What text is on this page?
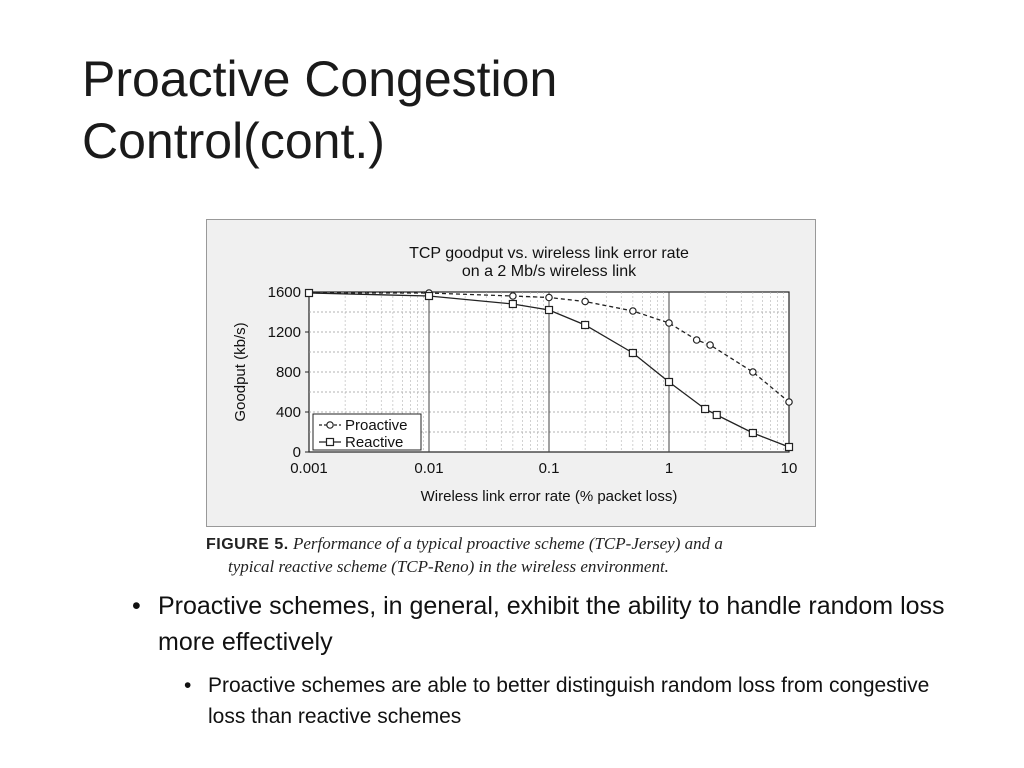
Proactive Congestion
Control(cont.)
TCP goodput vs. wireless link error rate
on a 2 Mb/s wireless link
0
400
800
1200
1600
0.001	0.01	0.1	1	10
Goodput (kb/s)
Wireless link error rate (% packet loss)
Proactive
Reactive
FIGURE 5. Performance of a typical proactive scheme (TCP-Jersey) and a
typical reactive scheme (TCP-Reno) in the wireless environment.
• Proactive schemes, in general, exhibit the ability to handle random loss more effectively
• Proactive schemes are able to better distinguish random loss from congestive loss than reactive schemes
